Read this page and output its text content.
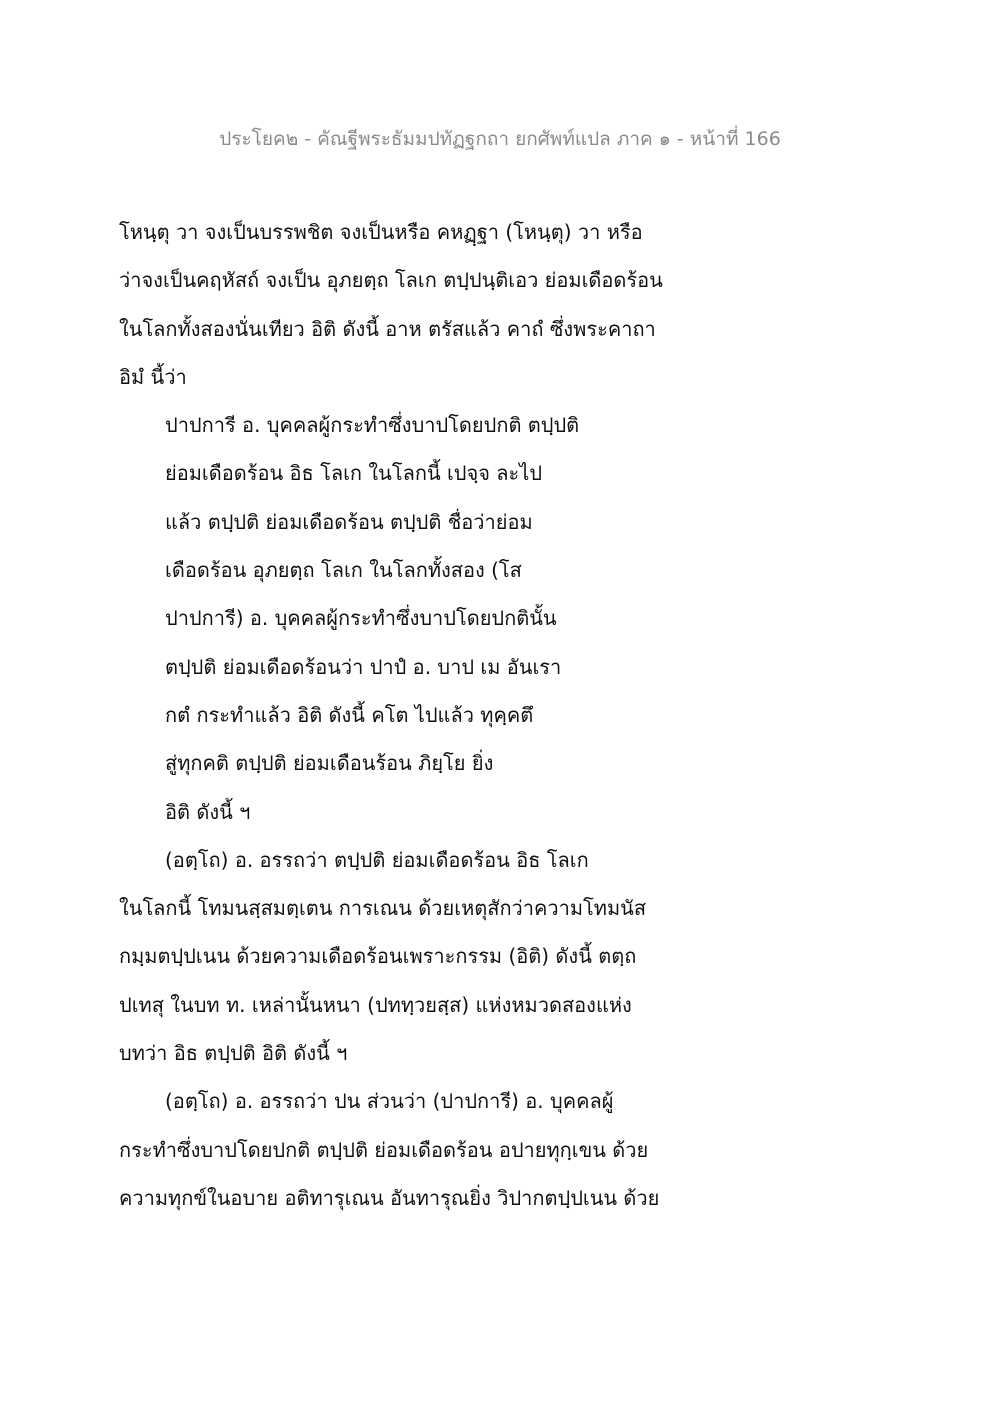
ประโยค๒ - คัณฐีพระธัมมปทัฏฐกถา ยกศัพท์แปล ภาค ๑ - หน้าที่ 166
โหนฺตุ วา จงเป็นบรรพชิต จงเป็นหรือ คหฏฺฐา (โหนฺตุ) วา หรือ
ว่าจงเป็นคฤหัสถ์ จงเป็น อุภยตฺถ โลเก ตปฺปนฺติเอว ย่อมเดือดร้อน
ในโลกทั้งสองนั่นเทียว อิติ ดังนี้ อาห ตรัสแล้ว คาถํ ซึ่งพระคาถา
อิมํ นี้ว่า
ปาปการี อ. บุคคลผู้กระทำซึ่งบาปโดยปกติ ตปฺปติ
ย่อมเดือดร้อน อิธ โลเก ในโลกนี้ เปจฺจ ละไป
แล้ว ตปฺปติ ย่อมเดือดร้อน ตปฺปติ ชื่อว่าย่อม
เดือดร้อน อุภยตฺถ โลเก ในโลกทั้งสอง (โส
ปาปการี) อ. บุคคลผู้กระทำซึ่งบาปโดยปกตินั้น
ตปฺปติ ย่อมเดือดร้อนว่า ปาปํ อ. บาป เม อันเรา
กตํ กระทำแล้ว อิติ ดังนี้ คโต ไปแล้ว ทุคฺคตึ
สู่ทุกคติ ตปฺปติ ย่อมเดือนร้อน ภิยฺโย ยิ่ง
อิติ ดังนี้ ฯ
(อตฺโถ) อ. อรรถว่า ตปฺปติ ย่อมเดือดร้อน อิธ โลเก
ในโลกนี้ โทมนสฺสมตฺเตน การเณน ด้วยเหตุสักว่าความโทมนัส
กมฺมตปฺปเนน ด้วยความเดือดร้อนเพราะกรรม (อิติ) ดังนี้ ตตฺถ
ปเทสุ ในบท ท. เหล่านั้นหนา (ปททฺวยสฺส) แห่งหมวดสองแห่ง
บทว่า อิธ ตปฺปติ อิติ ดังนี้ ฯ
(อตฺโถ) อ. อรรถว่า ปน ส่วนว่า (ปาปการี) อ. บุคคลผู้
กระทำซึ่งบาปโดยปกติ ตปฺปติ ย่อมเดือดร้อน อปายทุกฺเขน ด้วย
ความทุกข์ในอบาย อติทารุเณน อันทารุณยิ่ง วิปากตปฺปเนน ด้วย
